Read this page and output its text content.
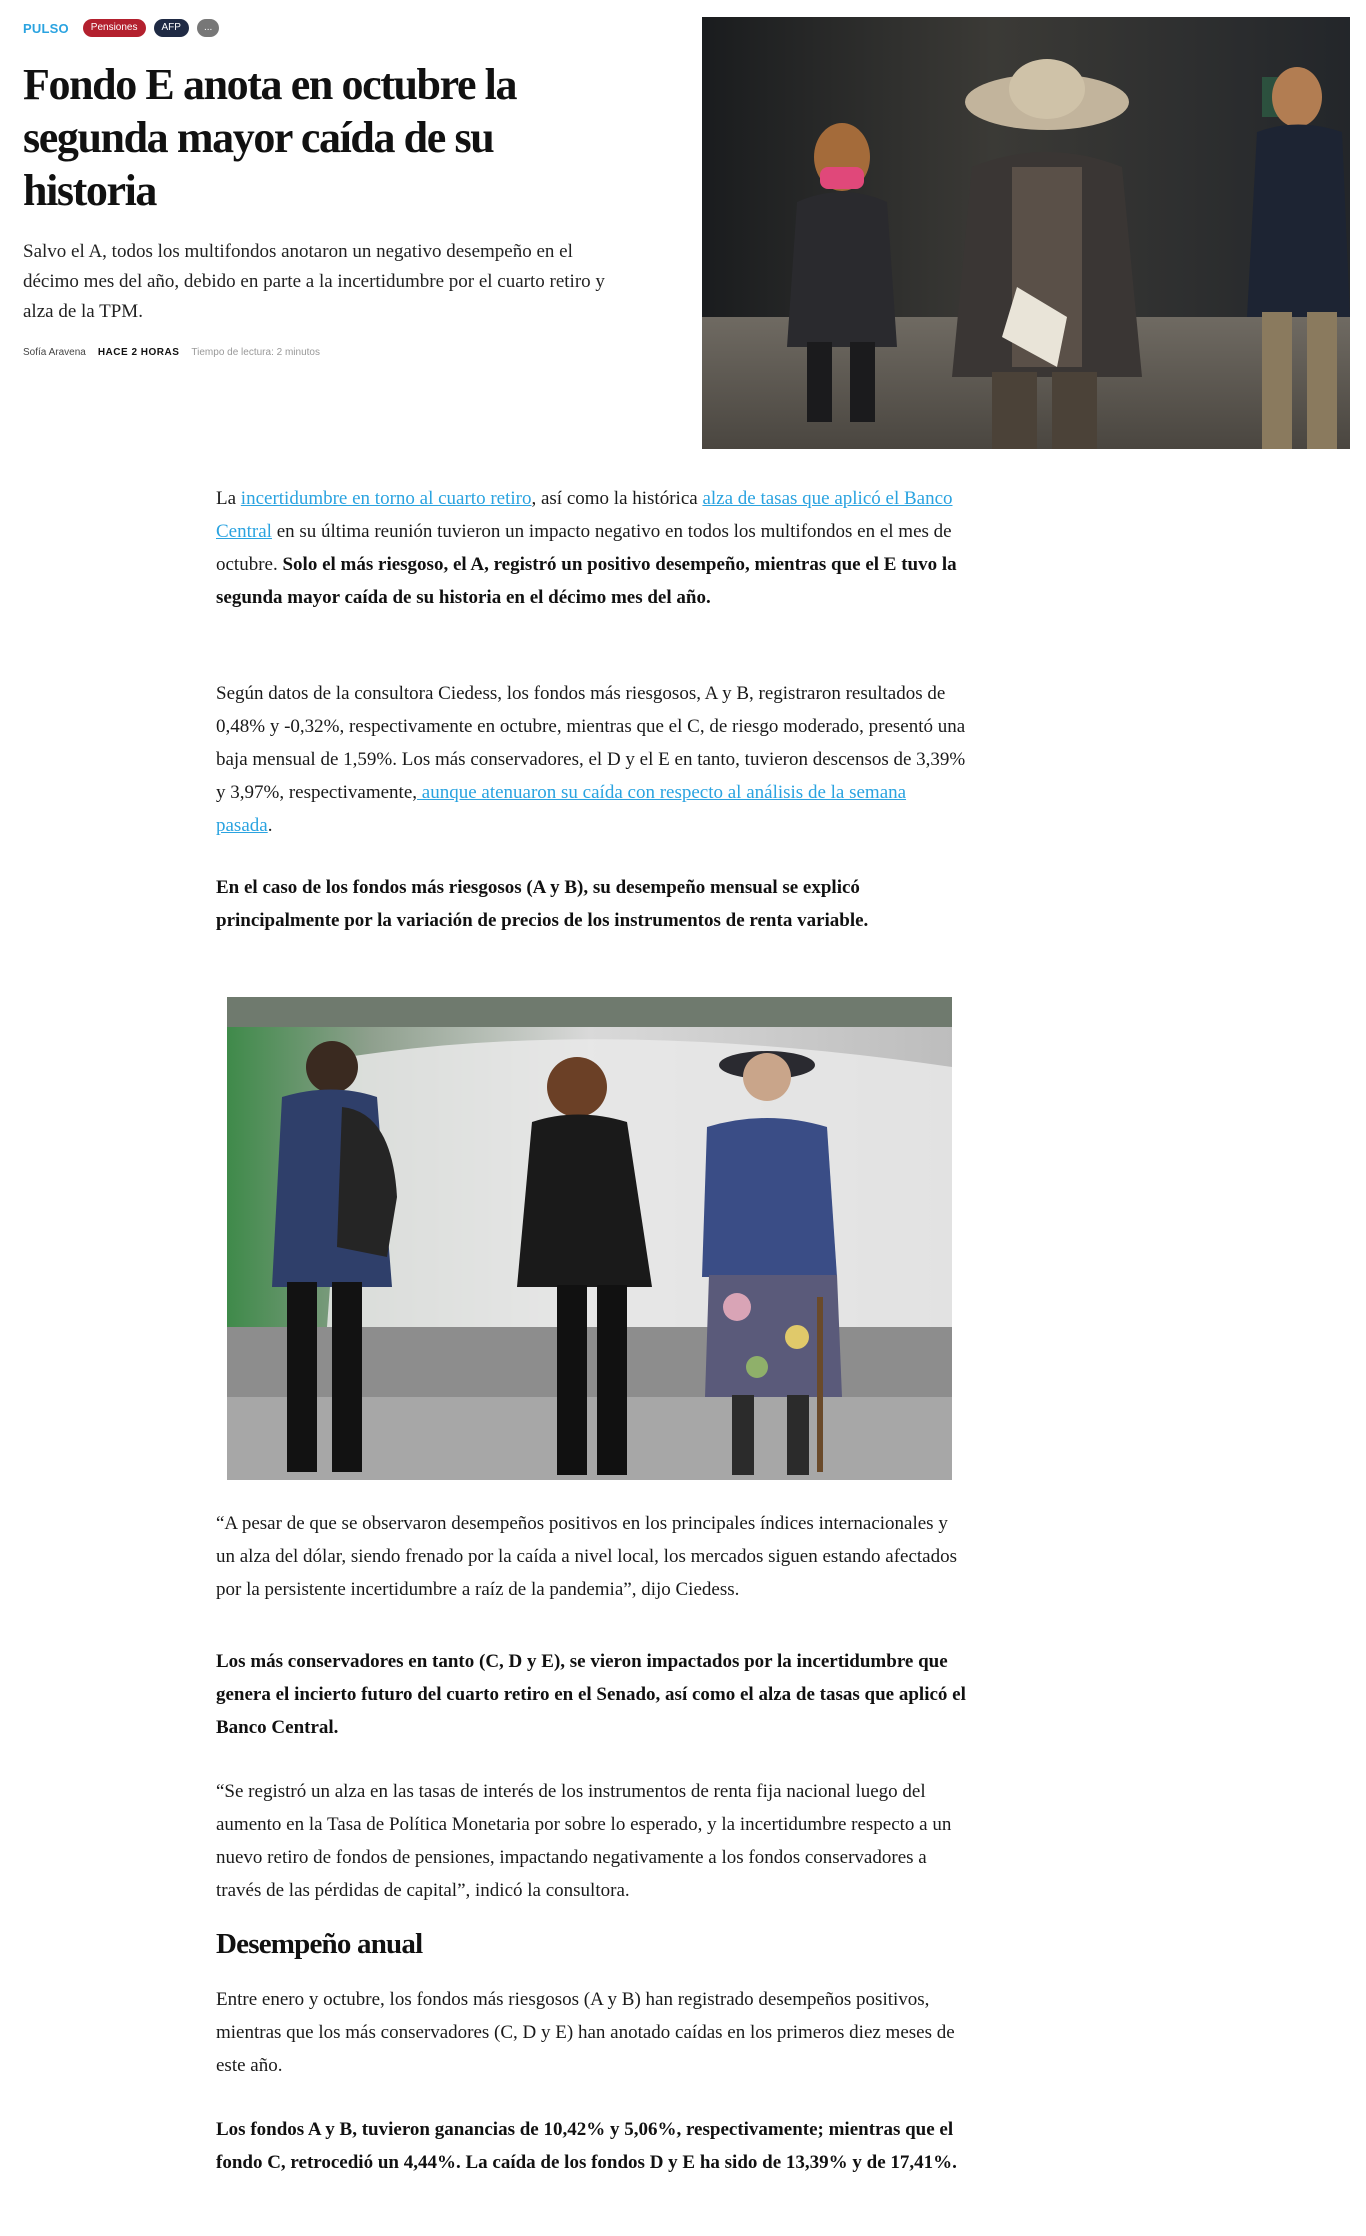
PULSO	Pensiones	AFP	...
Fondo E anota en octubre la segunda mayor caída de su historia

Salvo el A, todos los multifondos anotaron un negativo desempeño en el décimo mes del año, debido en parte a la incertidumbre por el cuarto retiro y alza de la TPM.

Sofía Aravena HACE 2 HORAS Tiempo de lectura: 2 minutos

La incertidumbre en torno al cuarto retiro, así como la histórica alza de tasas que aplicó el Banco Central en su última reunión tuvieron un impacto negativo en todos los multifondos en el mes de octubre. Solo el más riesgoso, el A, registró un positivo desempeño, mientras que el E tuvo la segunda mayor caída de su historia en el décimo mes del año.

Según datos de la consultora Ciedess, los fondos más riesgosos, A y B, registraron resultados de 0,48% y -0,32%, respectivamente en octubre, mientras que el C, de riesgo moderado, presentó una baja mensual de 1,59%. Los más conservadores, el D y el E en tanto, tuvieron descensos de 3,39% y 3,97%, respectivamente, aunque atenuaron su caída con respecto al análisis de la semana pasada.

En el caso de los fondos más riesgosos (A y B), su desempeño mensual se explicó principalmente por la variación de precios de los instrumentos de renta variable.

“A pesar de que se observaron desempeños positivos en los principales índices internacionales y un alza del dólar, siendo frenado por la caída a nivel local, los mercados siguen estando afectados por la persistente incertidumbre a raíz de la pandemia”, dijo Ciedess.

Los más conservadores en tanto (C, D y E), se vieron impactados por la incertidumbre que genera el incierto futuro del cuarto retiro en el Senado, así como el alza de tasas que aplicó el Banco Central.

“Se registró un alza en las tasas de interés de los instrumentos de renta fija nacional luego del aumento en la Tasa de Política Monetaria por sobre lo esperado, y la incertidumbre respecto a un nuevo retiro de fondos de pensiones, impactando negativamente a los fondos conservadores a través de las pérdidas de capital”, indicó la consultora.

Desempeño anual

Entre enero y octubre, los fondos más riesgosos (A y B) han registrado desempeños positivos, mientras que los más conservadores (C, D y E) han anotado caídas en los primeros diez meses de este año.

Los fondos A y B, tuvieron ganancias de 10,42% y 5,06%, respectivamente; mientras que el fondo C, retrocedió un 4,44%. La caída de los fondos D y E ha sido de 13,39% y de 17,41%.
